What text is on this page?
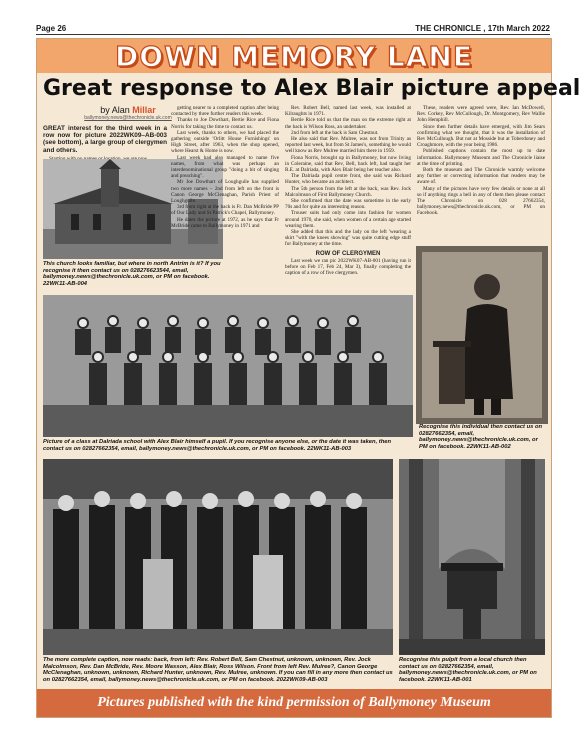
Page 26	THE CHRONICLE , 17th March 2022
DOWN MEMORY LANE
Great response to Alex Blair picture appeal
by Alan Millar
ballymoney.news@thechronicle.uk.com

GREAT interest for the third week in a row now for picture 2022WK09–AB-003 (see bottom), a large group of clergymen and others.

This church looks familiar, but where in north Antrim is it? If you recognise it then contact us on 028276623544, email, ballymoney.news@thechronicle.uk.com, or PM on facebook. 22WK11-AB-004

getting nearer to a completed caption after being contacted by three further readers this week.

Thanks to Joe Dowthart, Bertie Rice and Fiona Norris for taking the time to contact us.

Last week, thanks to others, we had placed the gathering outside 'Orlitt House Furnishings' on High Street, after 1963, when the shop opened, where Hearst & Home is now.

Last week had also managed to name five names, from what was perhaps an interdenominational group "doing a bit of singing and preaching".

Mr Joe Dowthart of Loughguile has supplied two more names – 2nd from left on the front is Canon George McClenaghan, Parish Priest of Loughguile.

3rd from right at the back is Fr. Dan McBride PP of Our Lady and St Patrick's Chapel, Ballymoney.

He dates the picture at 1972, as he says that Fr McBride came to Ballymoney in 1971 and

Rev. Robert Bell, named last week, was installed at Kilraughts in 1971.

Bertie Rice told us that the man on the extreme right at the back is Wilson Ross, an undertaker.

2nd from left at the back is Sam Chestnut.

He also said that Rev. Mulree, was not from Trinity as reported last week, but from St James's, something he would well know as Rev Mulree married him there in 1959.

Fiona Norris, brought up in Ballymoney, but now living in Coleraine, said that Rev, Bell, back left, had taught her R.E. at Dalriada, with Alex Blair being her teacher also.

The Dalriada pupil centre front, she said was Richard Hunter, who became an architect.

The 5th person from the left at the back, was Rev. Jock Malcolmson of First Ballymoney Church.

She confirmed that the date was sometime in the early 70s and for quite an interesting reason.

Trouser suits had only come into fashion for women around 1970, she said, when women of a certain age started wearing them.

She added that this and the lady on the left 'wearing a skirt "with the knees showing" was quite cutting edge stuff for Ballymoney at the time.

ROW OF CLERGYMEN

Last week we ran pic 2022WK07-AB-001 (having run it before on Feb 17, Feb 24, Mar 3), finally completing the caption of a row of five clergymen.

These, readers were agreed were, Rev. Ian McDowell, Rev. Corkey, Rev McCullough, Dr. Montgomery, Rev Wallie John Hemphill.

Since then further details have emerged, with Jim Sears confirming what we thought, that it was the installation of Rev McCullough. But not at Mosside but at Toberdoney and Croaghmore, with the year being 1986.

Published captions contain the most up to date information. Ballymoney Museum and The Chronicle liaise at the time of printing.

Both the museum and The Chronicle warmly welcome any further or correcting information that readers may be aware of.

Many of the pictures have very few details or none at all so if anything rings a bell in any of them then please contact The Chronicle on 028 27662354, ballymoney.news@thechronicle.uk.com, or PM on Facebook.

Recognise this individual then contact us on 02827662354, email, ballymoney.news@thechronicle.uk.com, or PM on facebook. 22WK11-AB-002
Picture of a class at Dalriada school with Alex Blair himself a pupil. If you recognise anyone else, or the date it was taken, then contact us on 02827662354, email, ballymoney.news@thechronicle.uk.com, or PM on facebook. 22WK11-AB-003
The more complete caption, now reads: back, from left: Rev. Robert Bell, Sam Chestnut, unknown, unknown, Rev. Jock Malcolmson, Rev. Dan McBride, Rev. Moore Wasson, Alex Blair, Ross Wilson. Front from left Rev. Mulree?, Canon George McClenaghan, unknown, unknown, Richard Hunter, unknown, Rev. Mulree, unknown. If you can fill in any more then contact us on 02827662354, email, ballymoney.news@thechronicle.uk.com, or PM on facebook. 2022WK09-AB-003
Recognise this pulpit from a local church then contact us on 02827662354, email, ballymoney.news@thechronicle.uk.com, or PM on facebook. 22WK11-AB-001
Pictures published with the kind permission of Ballymoney Museum
